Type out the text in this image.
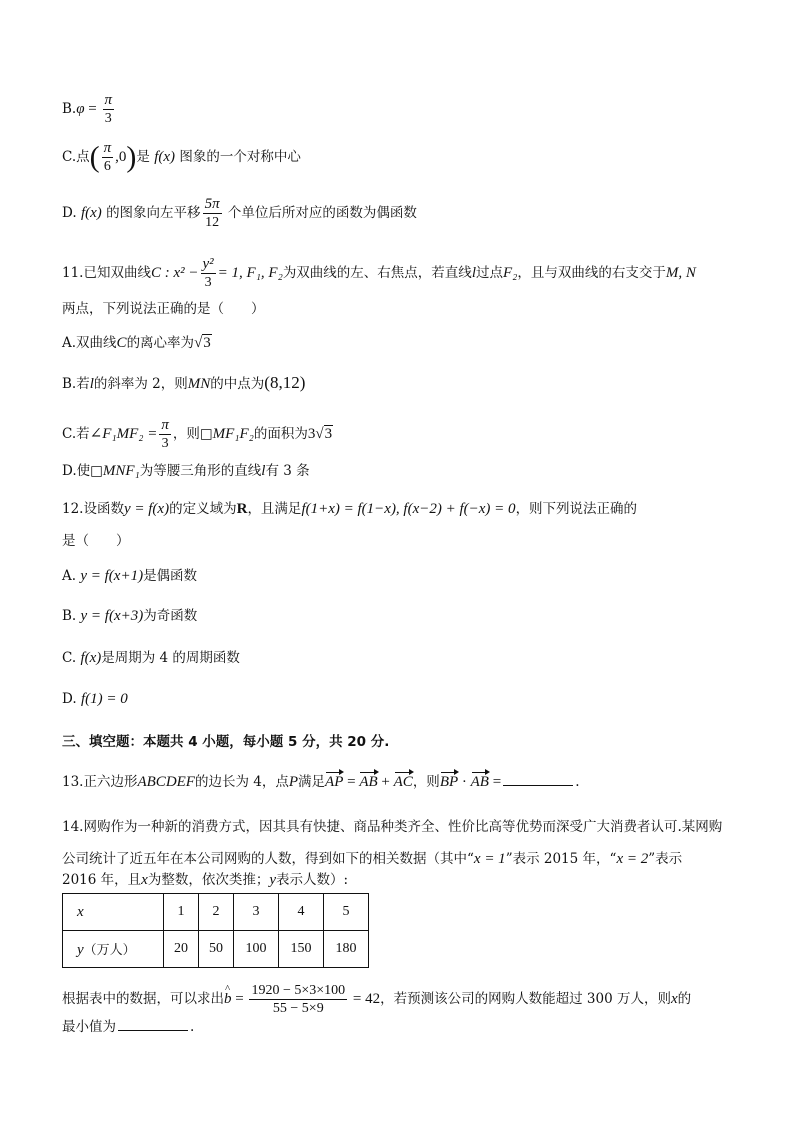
$B.\varphi = \frac{\pi}{3}$
C.点( $\frac{\pi}{6} ,0$)是 f(x) 图象的一个对称中心
D. f(x) 的图象向左平移 $\frac{5\pi}{12}$ 个单位后所对应的函数为偶函数
11.已知双曲线C : $x^2 - \frac{\text{y²}}{3} = 1$, F₁, F₂为双曲线的左、右焦点，若直线l过点F₂，且与双曲线的右支交于M, N
两点，下列说法正确的是（　　）
A.双曲线C的离心率为√3
B.若l的斜率为 2，则MN的中点为(8,12)
C.若∠F₁MF₂ = $\frac{\pi}{3}$ ，则□MF₁F₂的面积为3√3
D.使□MNF₁为等腰三角形的直线l有 3 条
12.设函数y = f(x)的定义域为R，且满足f(1+x) = f(1−x), f(x−2) + f(−x) = 0，则下列说法正确的
是（　　）
A. y = f(x+1)是偶函数
B. y = f(x+3)为奇函数
C. f(x)是周期为 4 的周期函数
D. f(1) = 0
三、填空题：本题共 4 小题，每小题 5 分，共 20 分.
13.正六边形ABCDEF的边长为 4，点P满足AP = AB + AC，则BP · AB =	.
14.网购作为一种新的消费方式，因其具有快捷、商品种类齐全、性价比高等优势而深受广大消费者认可.某网购
公司统计了近五年在本公司网购的人数，得到如下的相关数据（其中“x = 1”表示 2015 年，“x = 2”表示
2016 年，且x为整数，依次类推；y表示人数）:
x	1	2	3	4	5
y（万人）	20	50	100	150	180
根据表中的数据，可以求出^ $b = \frac{1920 - 5\times 3\times 100}{55 - 5\times 9} = 42$，若预测该公司的网购人数能超过 300 万人，则x的
最小值为	.
